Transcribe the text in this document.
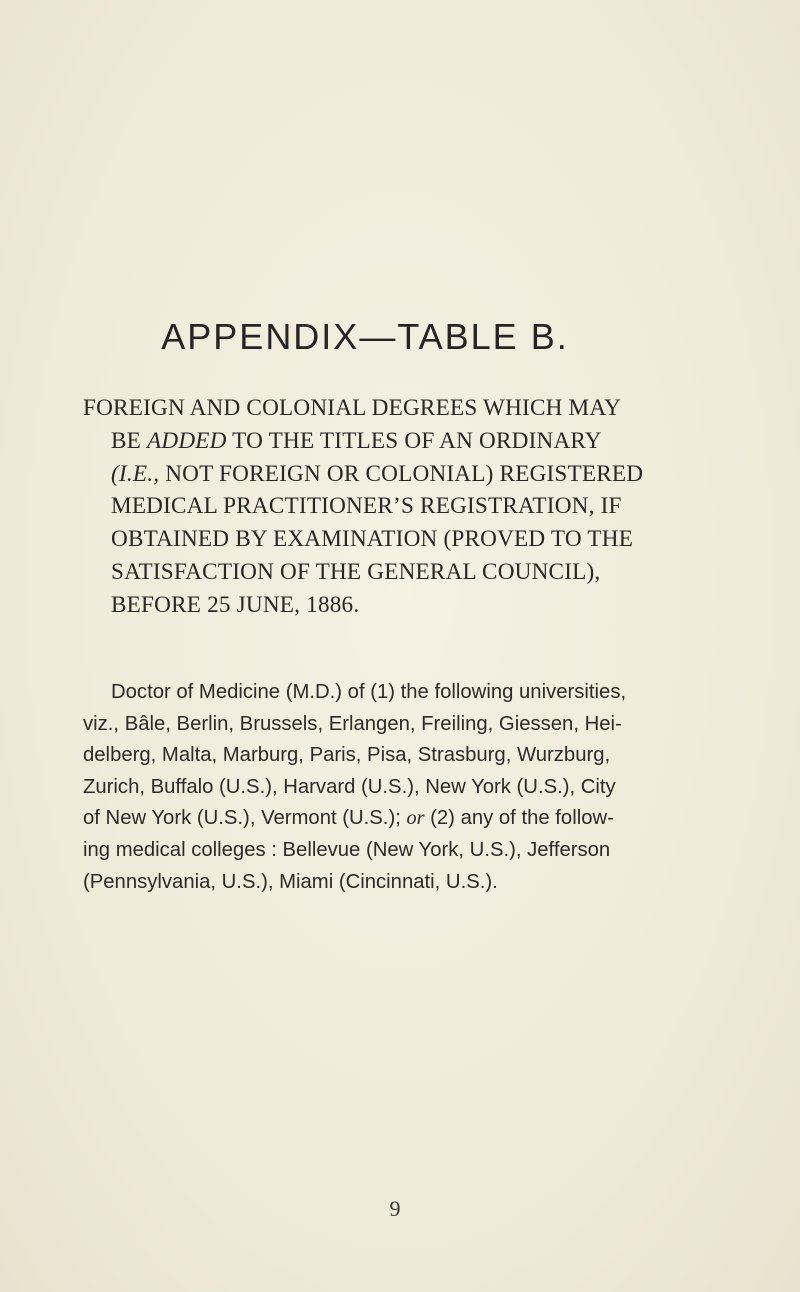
APPENDIX—TABLE B.

FOREIGN AND COLONIAL DEGREES WHICH MAY
BE ADDED TO THE TITLES OF AN ORDINARY
(I.E., NOT FOREIGN OR COLONIAL) REGISTERED
MEDICAL PRACTITIONER’S REGISTRATION, IF
OBTAINED BY EXAMINATION (PROVED TO THE
SATISFACTION OF THE GENERAL COUNCIL),
BEFORE 25 JUNE, 1886.

Doctor of Medicine (M.D.) of (1) the following universities,
viz., Bâle, Berlin, Brussels, Erlangen, Freiling, Giessen, Hei-
delberg, Malta, Marburg, Paris, Pisa, Strasburg, Wurzburg,
Zurich, Buffalo (U.S.), Harvard (U.S.), New York (U.S.), City
of New York (U.S.), Vermont (U.S.); or (2) any of the follow-
ing medical colleges : Bellevue (New York, U.S.), Jefferson
(Pennsylvania, U.S.), Miami (Cincinnati, U.S.).

9
